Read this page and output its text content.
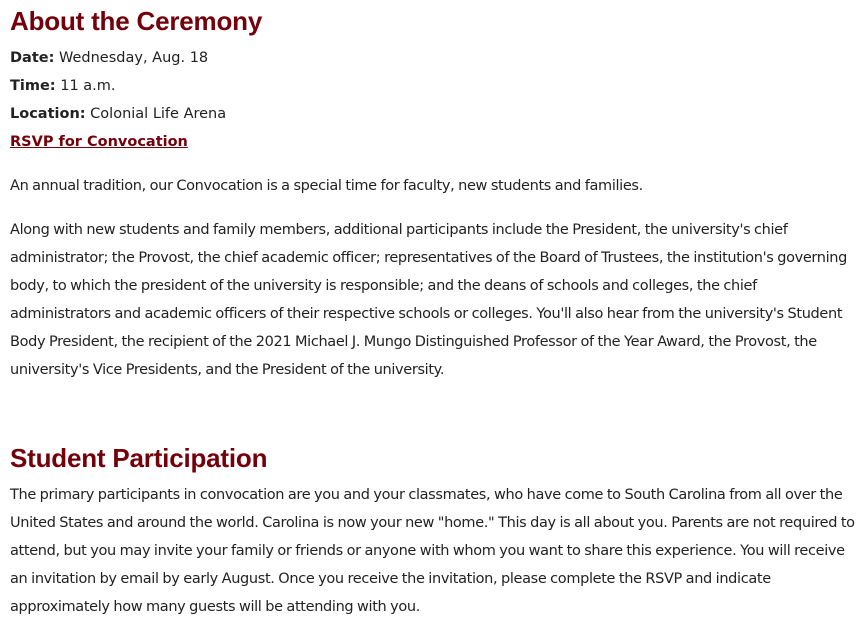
About the Ceremony
Date: Wednesday, Aug. 18
Time: 11 a.m.
Location: Colonial Life Arena
RSVP for Convocation

An annual tradition, our Convocation is a special time for faculty, new students and families.

Along with new students and family members, additional participants include the President, the university's chief administrator; the Provost, the chief academic officer; representatives of the Board of Trustees, the institution's governing body, to which the president of the university is responsible; and the deans of schools and colleges, the chief administrators and academic officers of their respective schools or colleges. You'll also hear from the university's Student Body President, the recipient of the 2021 Michael J. Mungo Distinguished Professor of the Year Award, the Provost, the university's Vice Presidents, and the President of the university.

Student Participation

The primary participants in convocation are you and your classmates, who have come to South Carolina from all over the United States and around the world. Carolina is now your new "home." This day is all about you. Parents are not required to attend, but you may invite your family or friends or anyone with whom you want to share this experience. You will receive an invitation by email by early August. Once you receive the invitation, please complete the RSVP and indicate approximately how many guests will be attending with you.
